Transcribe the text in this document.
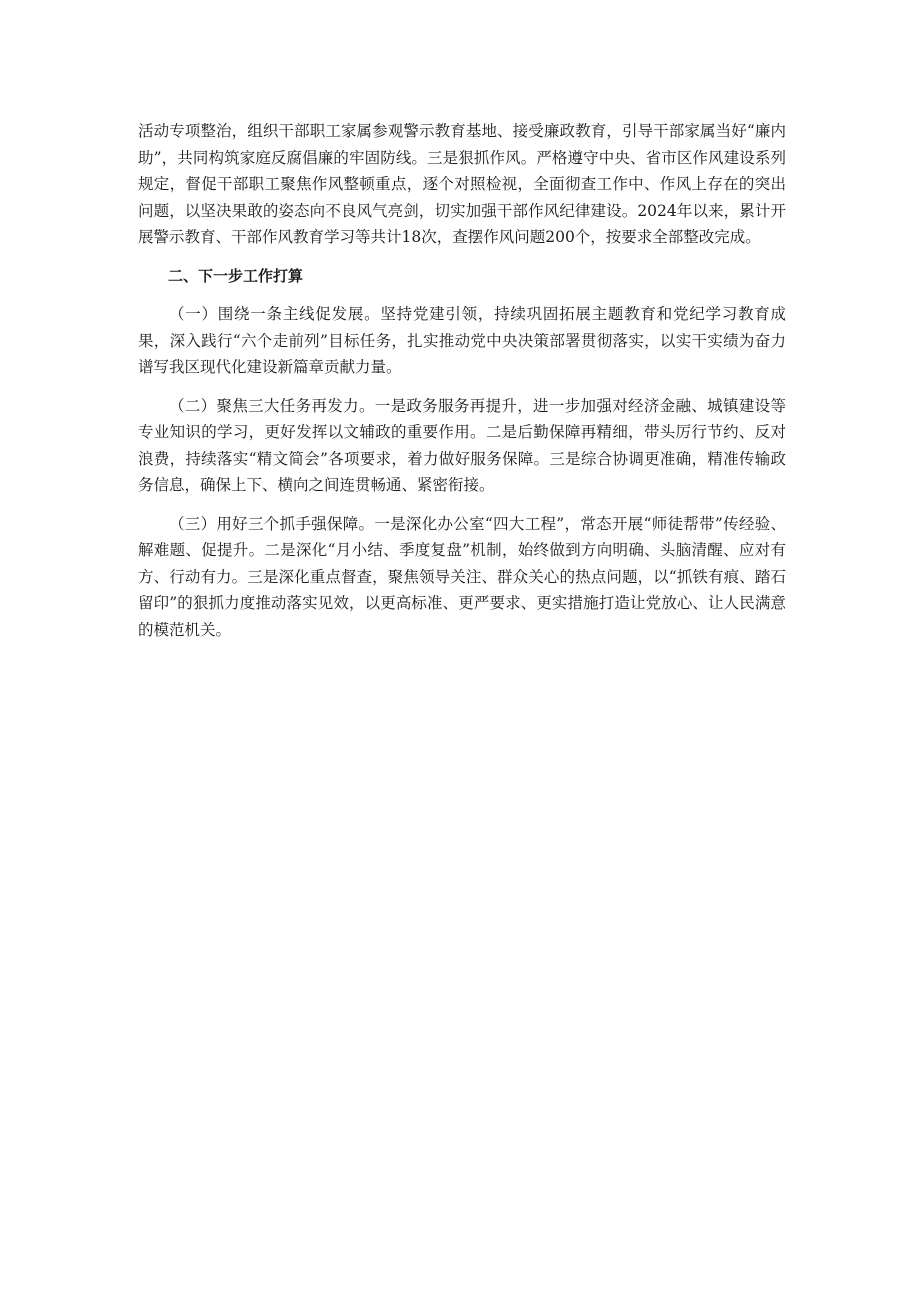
活动专项整治，组织干部职工家属参观警示教育基地、接受廉政教育，引导干部家属当好“廉内助”，共同构筑家庭反腐倡廉的牢固防线。三是狠抓作风。严格遵守中央、省市区作风建设系列规定，督促干部职工聚焦作风整顿重点，逐个对照检视，全面彻查工作中、作风上存在的突出问题，以坚决果敢的姿态向不良风气亮剑，切实加强干部作风纪律建设。2024年以来，累计开展警示教育、干部作风教育学习等共计18次，查摆作风问题200个，按要求全部整改完成。

二、下一步工作打算

（一）围绕一条主线促发展。坚持党建引领，持续巩固拓展主题教育和党纪学习教育成果，深入践行“六个走前列”目标任务，扎实推动党中央决策部署贯彻落实，以实干实绩为奋力谱写我区现代化建设新篇章贡献力量。

（二）聚焦三大任务再发力。一是政务服务再提升，进一步加强对经济金融、城镇建设等专业知识的学习，更好发挥以文辅政的重要作用。二是后勤保障再精细，带头厉行节约、反对浪费，持续落实“精文简会”各项要求，着力做好服务保障。三是综合协调更准确，精准传输政务信息，确保上下、横向之间连贯畅通、紧密衔接。

（三）用好三个抓手强保障。一是深化办公室“四大工程”，常态开展“师徒帮带”传经验、解难题、促提升。二是深化“月小结、季度复盘”机制，始终做到方向明确、头脑清醒、应对有方、行动有力。三是深化重点督查，聚焦领导关注、群众关心的热点问题，以“抓铁有痕、踏石留印”的狠抓力度推动落实见效，以更高标准、更严要求、更实措施打造让党放心、让人民满意的模范机关。
